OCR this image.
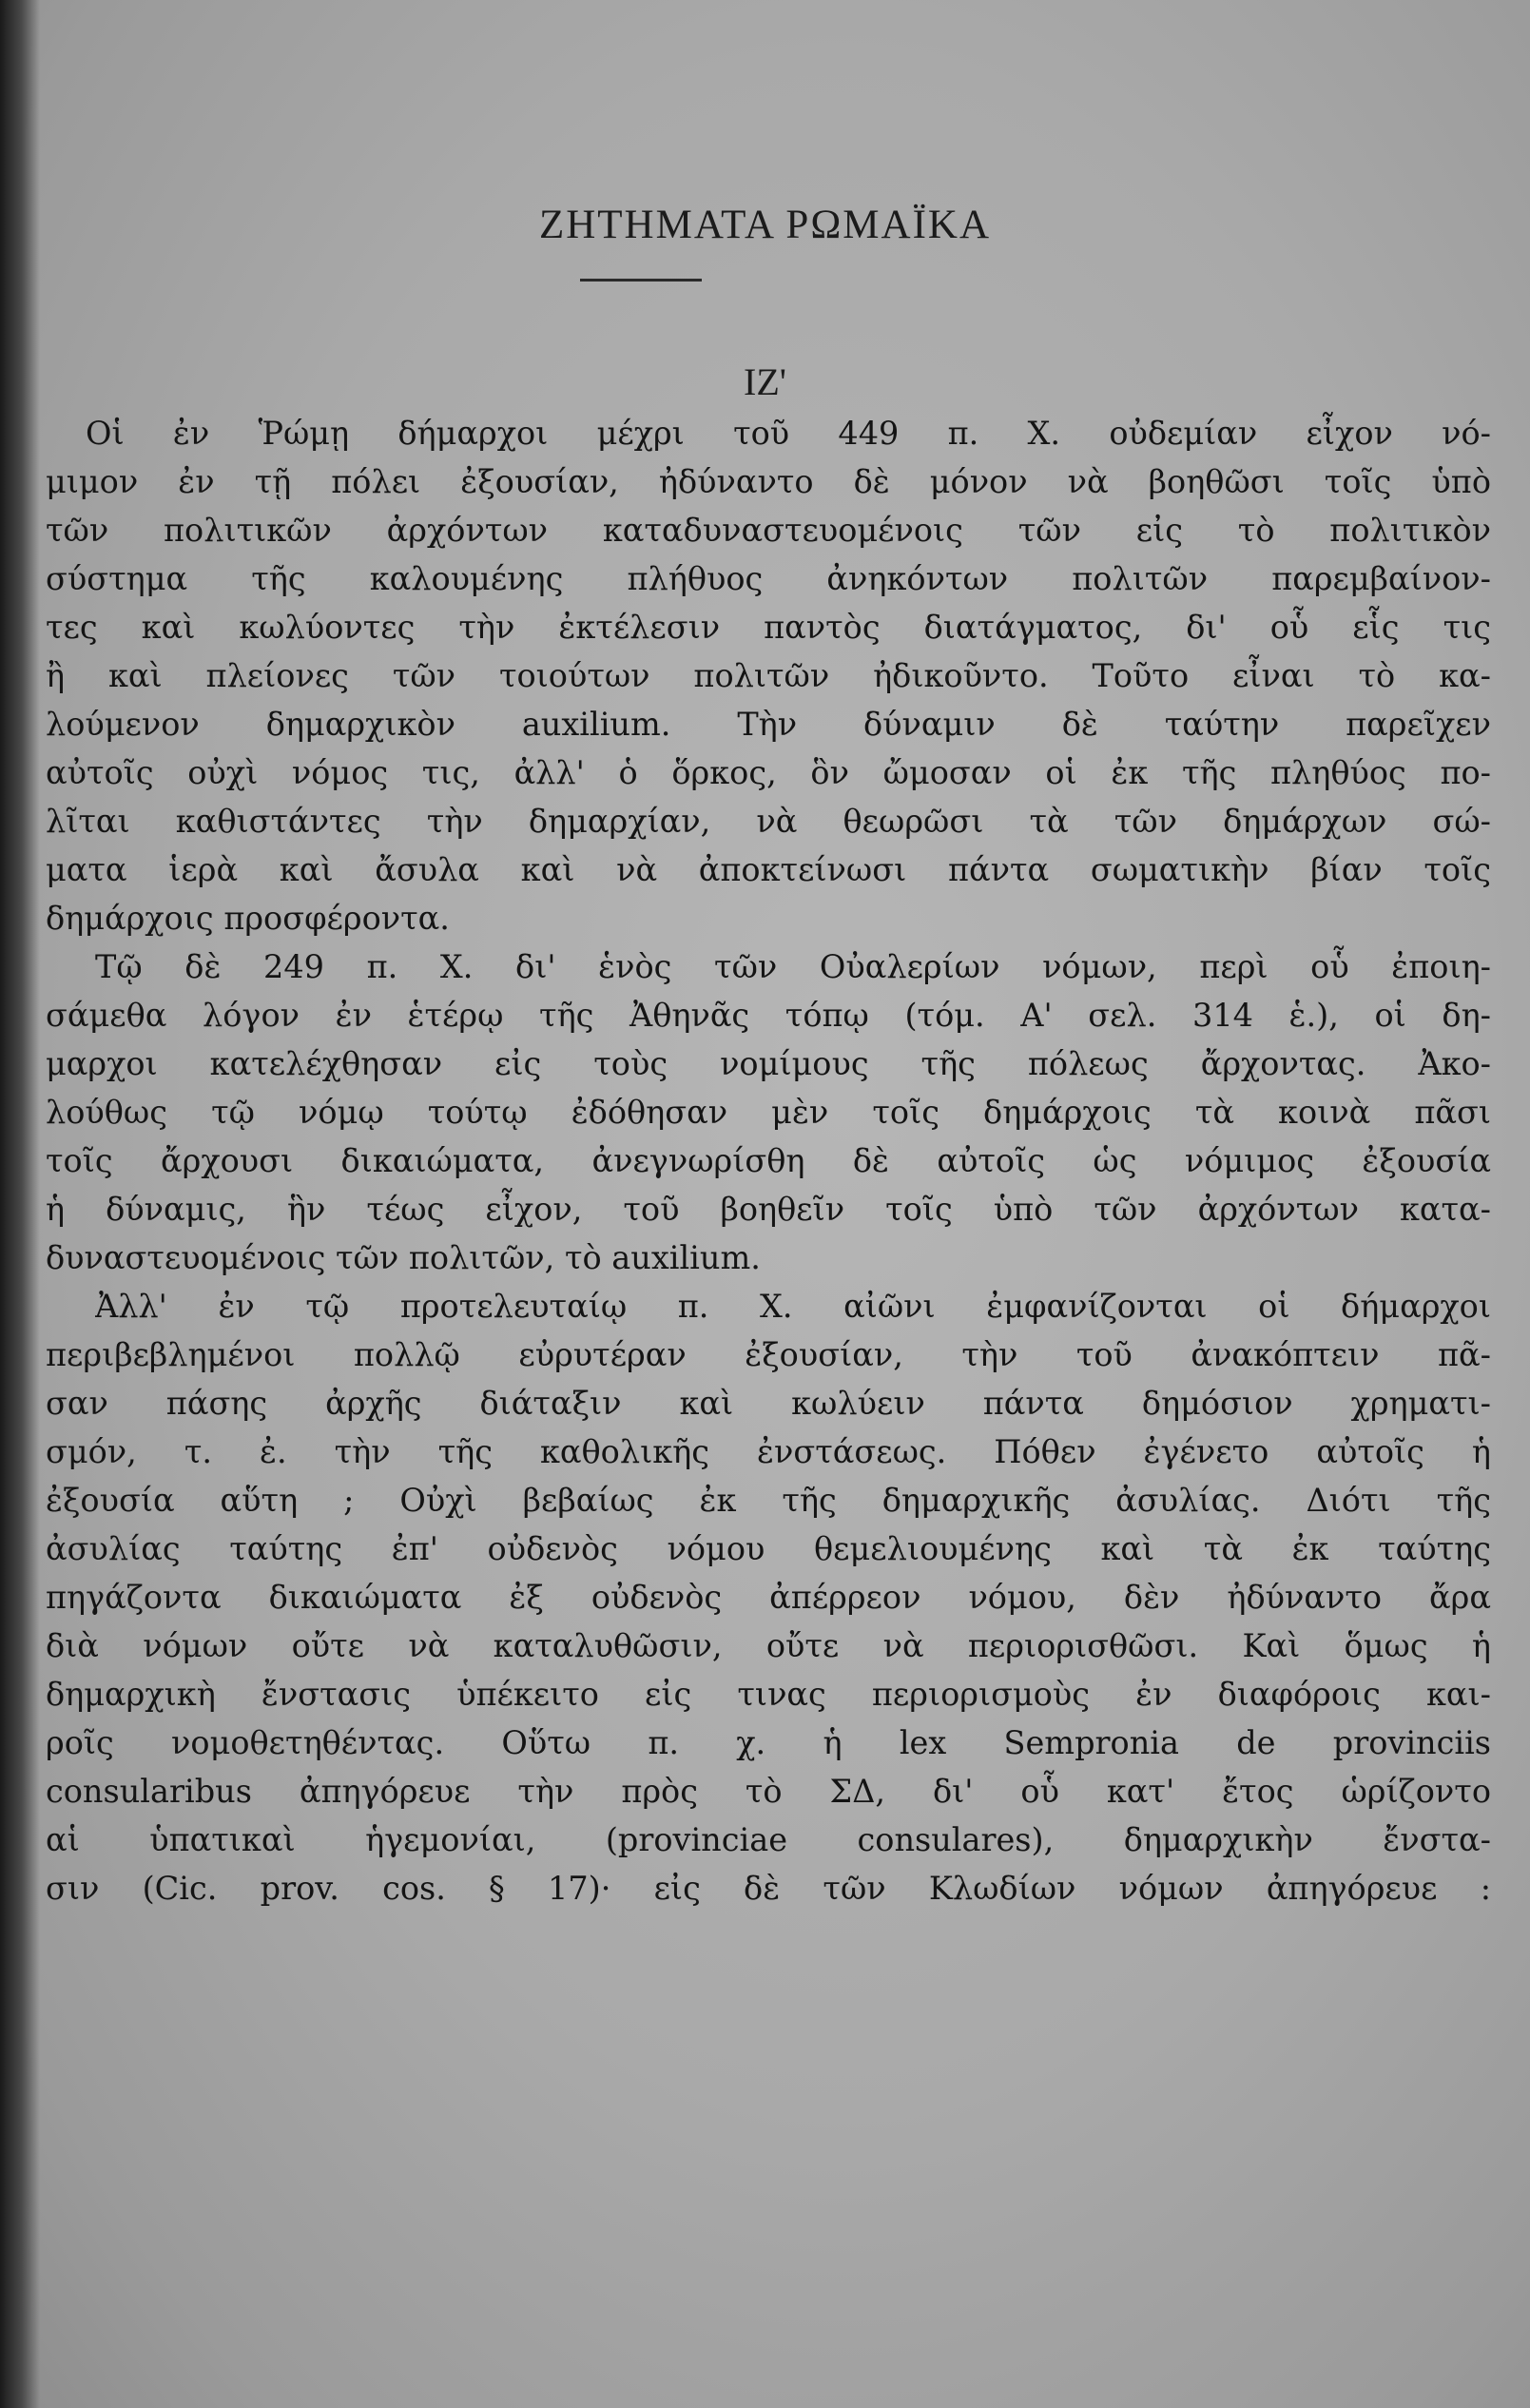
ΖΗΤΗΜΑΤΑ ΡΩΜΑΪΚΑ
ΙΖ'
Οἱ ἐν Ῥώμῃ δήμαρχοι μέχρι τοῦ 449 π. Χ. οὐδεμίαν εἶχον νό-
μιμον ἐν τῇ πόλει ἐξουσίαν, ἠδύναντο δὲ μόνον νὰ βοηθῶσι τοῖς ὑπὸ
τῶν πολιτικῶν ἀρχόντων καταδυναστευομένοις τῶν εἰς τὸ πολιτικὸν
σύστημα τῆς καλουμένης πλήθυος ἀνηκόντων πολιτῶν παρεμβαίνον-
τες καὶ κωλύοντες τὴν ἐκτέλεσιν παντὸς διατάγματος, δι' οὗ εἷς τις
ἢ καὶ πλείονες τῶν τοιούτων πολιτῶν ἠδικοῦντο. Τοῦτο εἶναι τὸ κα-
λούμενον δημαρχικὸν auxilium. Τὴν δύναμιν δὲ ταύτην παρεῖχεν
αὐτοῖς οὐχὶ νόμος τις, ἀλλ' ὁ ὅρκος, ὃν ὤμοσαν οἱ ἐκ τῆς πληθύος πο-
λῖται καθιστάντες τὴν δημαρχίαν, νὰ θεωρῶσι τὰ τῶν δημάρχων σώ-
ματα ἱερὰ καὶ ἄσυλα καὶ νὰ ἀποκτείνωσι πάντα σωματικὴν βίαν τοῖς
δημάρχοις προσφέροντα.
Τῷ δὲ 249 π. Χ. δι' ἑνὸς τῶν Οὐαλερίων νόμων, περὶ οὗ ἐποιη-
σάμεθα λόγον ἐν ἑτέρῳ τῆς Ἀθηνᾶς τόπῳ (τόμ. Α' σελ. 314 ἑ.), οἱ δη-
μαρχοι κατελέχθησαν εἰς τοὺς νομίμους τῆς πόλεως ἄρχοντας. Ἀκο-
λούθως τῷ νόμῳ τούτῳ ἐδόθησαν μὲν τοῖς δημάρχοις τὰ κοινὰ πᾶσι
τοῖς ἄρχουσι δικαιώματα, ἀνεγνωρίσθη δὲ αὐτοῖς ὡς νόμιμος ἐξουσία
ἡ δύναμις, ἣν τέως εἶχον, τοῦ βοηθεῖν τοῖς ὑπὸ τῶν ἀρχόντων κατα-
δυναστευομένοις τῶν πολιτῶν, τὸ auxilium.
Ἀλλ' ἐν τῷ προτελευταίῳ π. Χ. αἰῶνι ἐμφανίζονται οἱ δήμαρχοι
περιβεβλημένοι πολλῷ εὐρυτέραν ἐξουσίαν, τὴν τοῦ ἀνακόπτειν πᾶ-
σαν πάσης ἀρχῆς διάταξιν καὶ κωλύειν πάντα δημόσιον χρηματι-
σμόν, τ. ἐ. τὴν τῆς καθολικῆς ἐνστάσεως. Πόθεν ἐγένετο αὐτοῖς ἡ
ἐξουσία αὕτη ; Οὐχὶ βεβαίως ἐκ τῆς δημαρχικῆς ἀσυλίας. Διότι τῆς
ἀσυλίας ταύτης ἐπ' οὐδενὸς νόμου θεμελιουμένης καὶ τὰ ἐκ ταύτης
πηγάζοντα δικαιώματα ἐξ οὐδενὸς ἀπέρρεον νόμου, δὲν ἠδύναντο ἄρα
διὰ νόμων οὔτε νὰ καταλυθῶσιν, οὔτε νὰ περιορισθῶσι. Καὶ ὅμως ἡ
δημαρχικὴ ἔνστασις ὑπέκειτο εἰς τινας περιορισμοὺς ἐν διαφόροις και-
ροῖς νομοθετηθέντας. Οὕτω π. χ. ἡ lex Sempronia de provinciis
consularibus ἀπηγόρευε τὴν πρὸς τὸ ΣΔ, δι' οὗ κατ' ἔτος ὡρίζοντο
αἱ ὑπατικαὶ ἡγεμονίαι, (provinciae consulares), δημαρχικὴν ἔνστα-
σιν (Cic. prov. cos. § 17)· εἰς δὲ τῶν Κλωδίων νόμων ἀπηγόρευε :
